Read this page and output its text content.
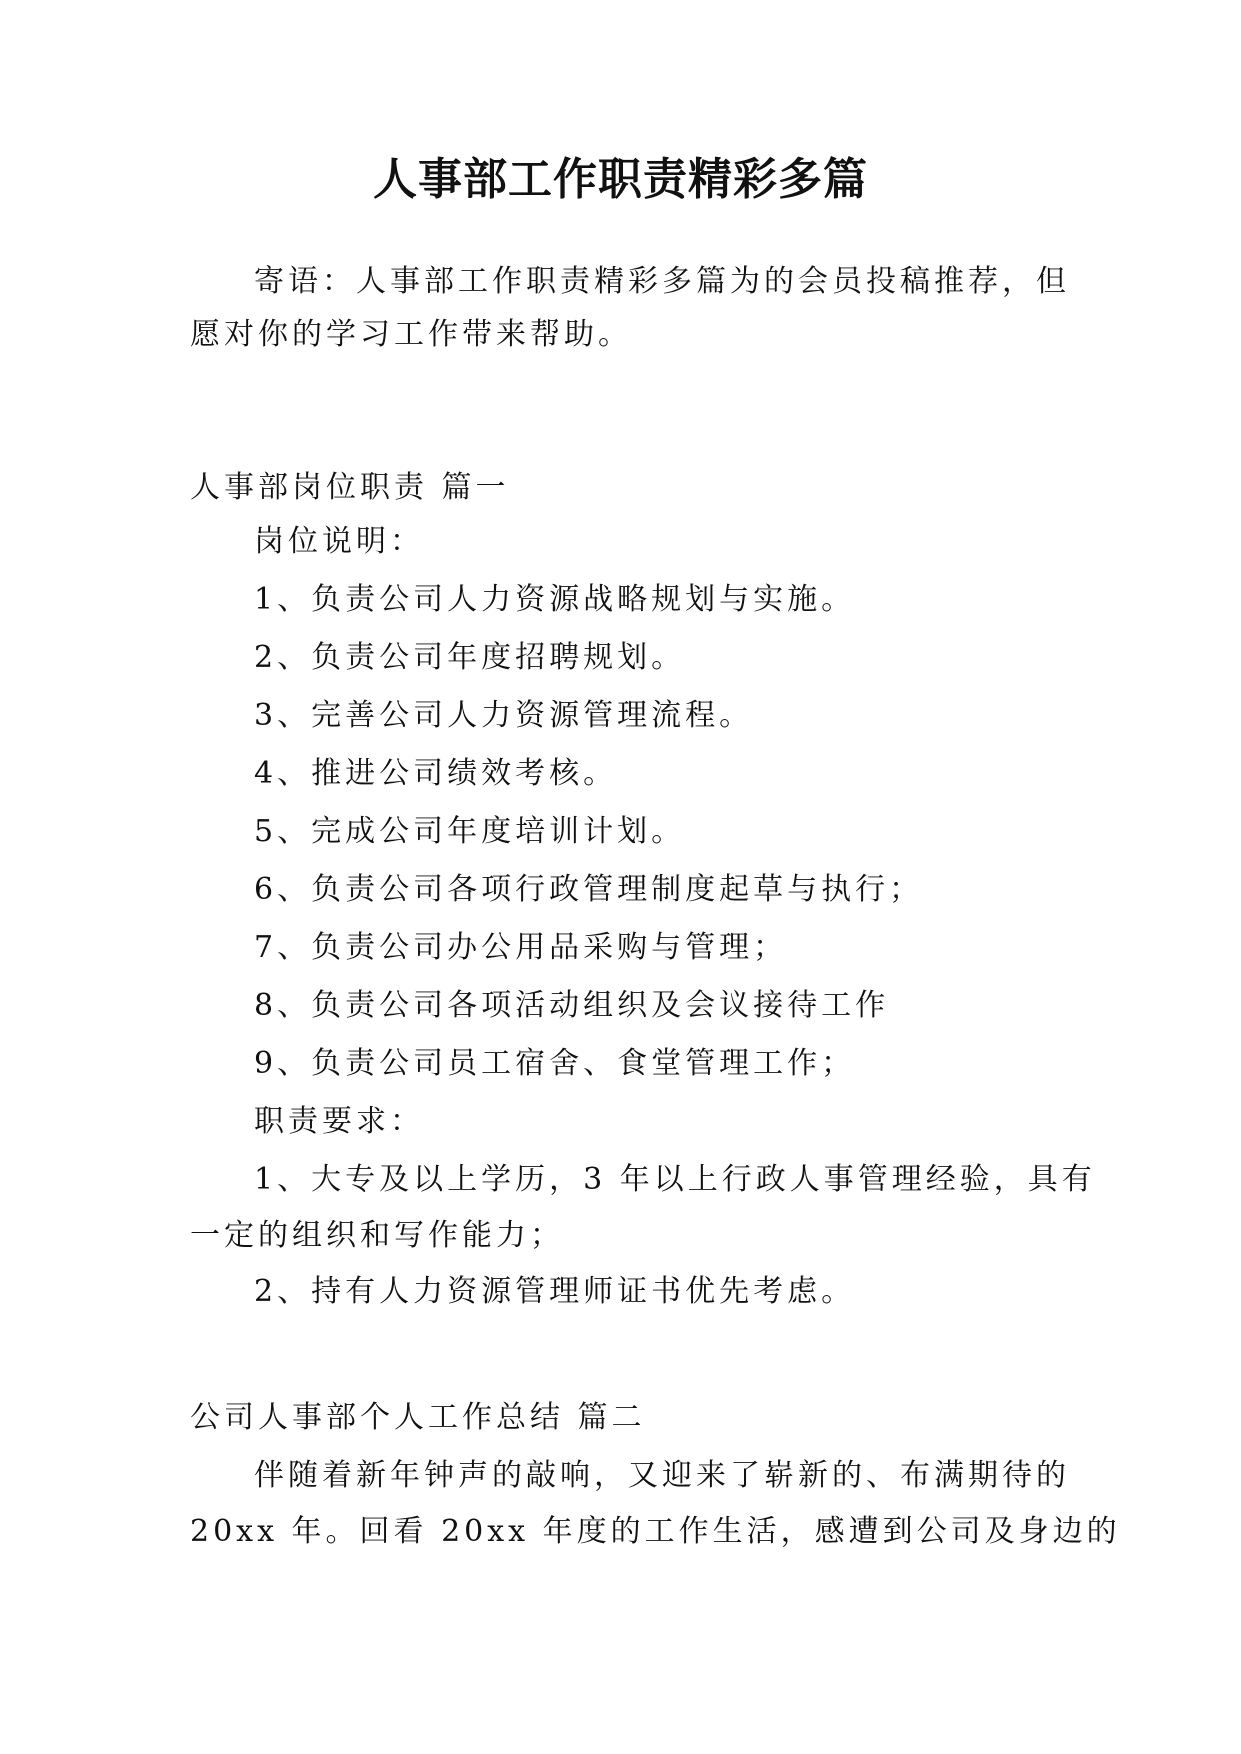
人事部工作职责精彩多篇
寄语：人事部工作职责精彩多篇为的会员投稿推荐，但
愿对你的学习工作带来帮助。
人事部岗位职责 篇一
岗位说明：
1、负责公司人力资源战略规划与实施。
2、负责公司年度招聘规划。
3、完善公司人力资源管理流程。
4、推进公司绩效考核。
5、完成公司年度培训计划。
6、负责公司各项行政管理制度起草与执行；
7、负责公司办公用品采购与管理；
8、负责公司各项活动组织及会议接待工作
9、负责公司员工宿舍、食堂管理工作；
职责要求：
1、大专及以上学历，3 年以上行政人事管理经验，具有
一定的组织和写作能力；
2、持有人力资源管理师证书优先考虑。
公司人事部个人工作总结 篇二
伴随着新年钟声的敲响，又迎来了崭新的、布满期待的
20xx 年。回看 20xx 年度的工作生活，感遭到公司及身边的
